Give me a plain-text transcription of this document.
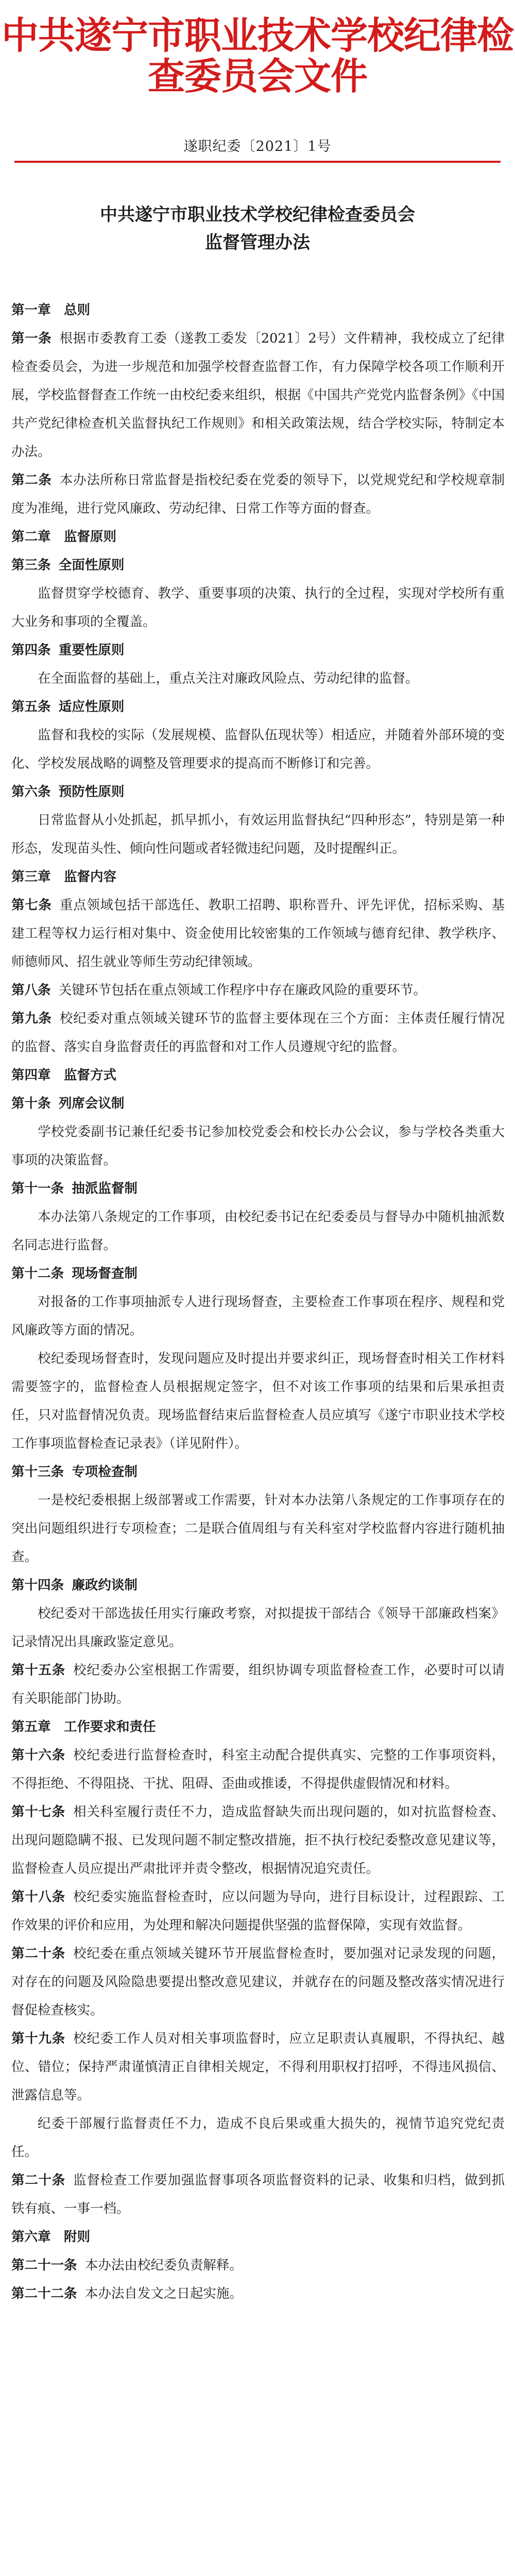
中共遂宁市职业技术学校纪律检查委员会文件
遂职纪委〔2021〕1号
中共遂宁市职业技术学校纪律检查委员会
监督管理办法

第一章　总则

第一条 根据市委教育工委（遂教工委发〔2021〕2号）文件精神，我校成立了纪律检查委员会，为进一步规范和加强学校督查监督工作，有力保障学校各项工作顺利开展，学校监督督查工作统一由校纪委来组织，根据《中国共产党党内监督条例》《中国共产党纪律检查机关监督执纪工作规则》和相关政策法规，结合学校实际，特制定本办法。

第二条 本办法所称日常监督是指校纪委在党委的领导下，以党规党纪和学校规章制度为准绳，进行党风廉政、劳动纪律、日常工作等方面的督查。

第二章　监督原则

第三条 全面性原则

监督贯穿学校德育、教学、重要事项的决策、执行的全过程，实现对学校所有重大业务和事项的全覆盖。

第四条 重要性原则

在全面监督的基础上，重点关注对廉政风险点、劳动纪律的监督。

第五条 适应性原则

监督和我校的实际（发展规模、监督队伍现状等）相适应，并随着外部环境的变化、学校发展战略的调整及管理要求的提高而不断修订和完善。

第六条 预防性原则

日常监督从小处抓起，抓早抓小，有效运用监督执纪“四种形态”，特别是第一种形态，发现苗头性、倾向性问题或者轻微违纪问题，及时提醒纠正。

第三章　监督内容

第七条 重点领域包括干部选任、教职工招聘、职称晋升、评先评优，招标采购、基建工程等权力运行相对集中、资金使用比较密集的工作领域与德育纪律、教学秩序、师德师风、招生就业等师生劳动纪律领域。

第八条 关键环节包括在重点领域工作程序中存在廉政风险的重要环节。

第九条 校纪委对重点领域关键环节的监督主要体现在三个方面：主体责任履行情况的监督、落实自身监督责任的再监督和对工作人员遵规守纪的监督。

第四章　监督方式

第十条 列席会议制

学校党委副书记兼任纪委书记参加校党委会和校长办公会议，参与学校各类重大事项的决策监督。

第十一条 抽派监督制

本办法第八条规定的工作事项，由校纪委书记在纪委委员与督导办中随机抽派数名同志进行监督。

第十二条 现场督查制

对报备的工作事项抽派专人进行现场督查，主要检查工作事项在程序、规程和党风廉政等方面的情况。

校纪委现场督查时，发现问题应及时提出并要求纠正，现场督查时相关工作材料需要签字的，监督检查人员根据规定签字，但不对该工作事项的结果和后果承担责任，只对监督情况负责。现场监督结束后监督检查人员应填写《遂宁市职业技术学校工作事项监督检查记录表》（详见附件）。

第十三条 专项检查制

一是校纪委根据上级部署或工作需要，针对本办法第八条规定的工作事项存在的突出问题组织进行专项检查；二是联合值周组与有关科室对学校监督内容进行随机抽查。

第十四条 廉政约谈制

校纪委对干部选拔任用实行廉政考察，对拟提拔干部结合《领导干部廉政档案》记录情况出具廉政鉴定意见。

第十五条 校纪委办公室根据工作需要，组织协调专项监督检查工作，必要时可以请有关职能部门协助。

第五章　工作要求和责任

第十六条 校纪委进行监督检查时，科室主动配合提供真实、完整的工作事项资料，不得拒绝、不得阻挠、干扰、阻碍、歪曲或推诿，不得提供虚假情况和材料。

第十七条 相关科室履行责任不力，造成监督缺失而出现问题的，如对抗监督检查、出现问题隐瞒不报、已发现问题不制定整改措施，拒不执行校纪委整改意见建议等，监督检查人员应提出严肃批评并责令整改，根据情况追究责任。

第十八条 校纪委实施监督检查时，应以问题为导向，进行目标设计，过程跟踪、工作效果的评价和应用，为处理和解决问题提供坚强的监督保障，实现有效监督。

第二十条 校纪委在重点领域关键环节开展监督检查时，要加强对记录发现的问题，对存在的问题及风险隐患要提出整改意见建议，并就存在的问题及整改落实情况进行督促检查核实。

第十九条 校纪委工作人员对相关事项监督时，应立足职责认真履职，不得执纪、越位、错位；保持严肃谨慎清正自律相关规定，不得利用职权打招呼，不得违风损信、泄露信息等。

纪委干部履行监督责任不力，造成不良后果或重大损失的，视情节追究党纪责任。

第二十条 监督检查工作要加强监督事项各项监督资料的记录、收集和归档，做到抓铁有痕、一事一档。

第六章　附则

第二十一条 本办法由校纪委负责解释。

第二十二条 本办法自发文之日起实施。
